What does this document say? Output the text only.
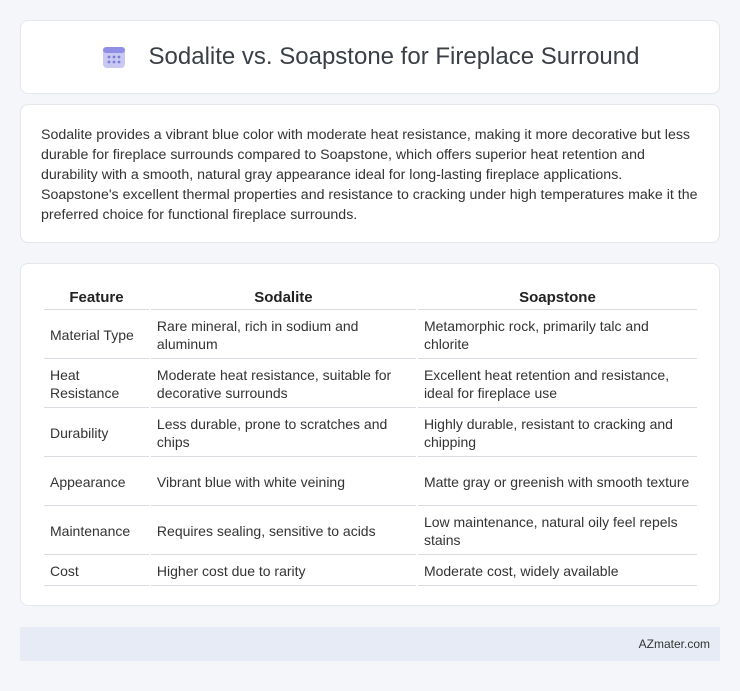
Sodalite vs. Soapstone for Fireplace Surround

Sodalite provides a vibrant blue color with moderate heat resistance, making it more decorative but less durable for fireplace surrounds compared to Soapstone, which offers superior heat retention and durability with a smooth, natural gray appearance ideal for long-lasting fireplace applications. Soapstone's excellent thermal properties and resistance to cracking under high temperatures make it the preferred choice for functional fireplace surrounds.

Feature	Sodalite	Soapstone
Material Type	Rare mineral, rich in sodium and aluminum	Metamorphic rock, primarily talc and chlorite
Heat Resistance	Moderate heat resistance, suitable for decorative surrounds	Excellent heat retention and resistance, ideal for fireplace use
Durability	Less durable, prone to scratches and chips	Highly durable, resistant to cracking and chipping
Appearance	Vibrant blue with white veining	Matte gray or greenish with smooth texture
Maintenance	Requires sealing, sensitive to acids	Low maintenance, natural oily feel repels stains
Cost	Higher cost due to rarity	Moderate cost, widely available
AZmater.com
